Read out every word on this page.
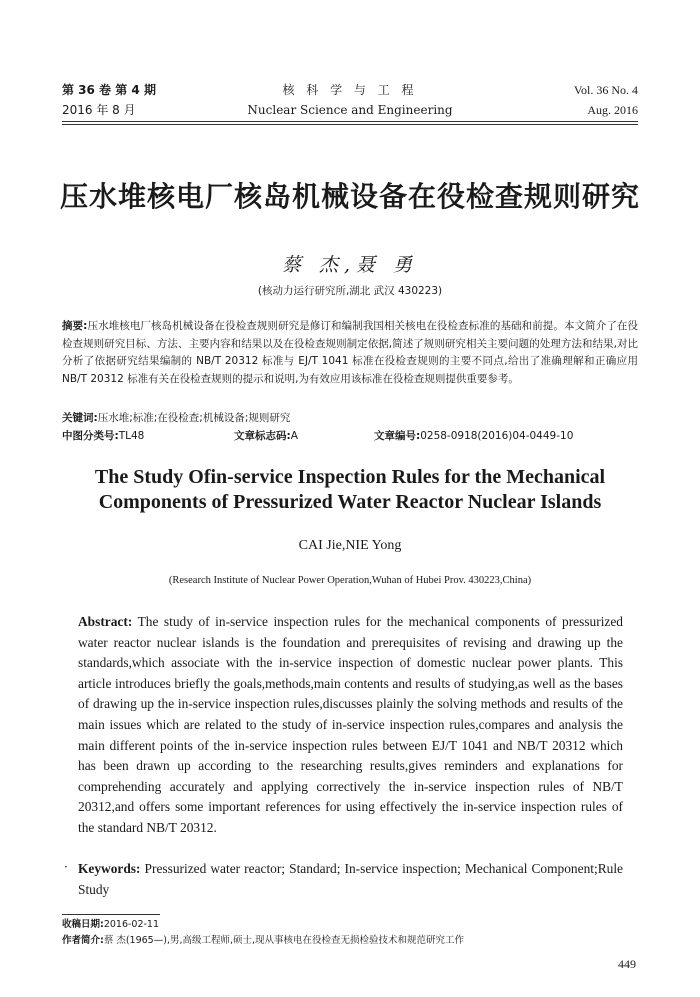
第 36 卷 第 4 期
2016 年 8 月
核 科 学 与 工 程
Nuclear Science and Engineering
Vol. 36 No. 4
Aug. 2016
压水堆核电厂核岛机械设备在役检查规则研究
蔡 杰,聂 勇
(核动力运行研究所,湖北 武汉 430223)
摘要:压水堆核电厂核岛机械设备在役检查规则研究是修订和编制我国相关核电在役检查标准的基础和前提。本文简介了在役检查规则研究目标、方法、主要内容和结果以及在役检查规则制定依据,简述了规则研究相关主要问题的处理方法和结果,对比分析了依据研究结果编制的 NB/T 20312 标准与 EJ/T 1041 标准在役检查规则的主要不同点,给出了准确理解和正确应用 NB/T 20312 标准有关在役检查规则的提示和说明,为有效应用该标准在役检查规则提供重要参考。
关键词:压水堆;标准;在役检查;机械设备;规则研究
中图分类号: TL48	文章标志码: A	文章编号: 0258-0918(2016)04-0449-10
The Study Ofin-service Inspection Rules for the Mechanical
Components of Pressurized Water Reactor Nuclear Islands
CAI Jie,NIE Yong
(Research Institute of Nuclear Power Operation,Wuhan of Hubei Prov. 430223,China)
Abstract: The study of in-service inspection rules for the mechanical components of pressurized water reactor nuclear islands is the foundation and prerequisites of revising and drawing up the standards,which associate with the in-service inspection of domestic nuclear power plants. This article introduces briefly the goals,methods,main contents and results of studying,as well as the bases of drawing up the in-service inspection rules,discusses plainly the solving methods and results of the main issues which are related to the study of in-service inspection rules,compares and analysis the main different points of the in-service inspection rules between EJ/T 1041 and NB/T 20312 which has been drawn up according to the researching results,gives reminders and explanations for comprehending accurately and applying correctively the in-service inspection rules of NB/T 20312,and offers some important references for using effectively the in-service inspection rules of the standard NB/T 20312.
· Keywords: Pressurized water reactor; Standard; In-service inspection; Mechanical Component;Rule Study
收稿日期:2016-02-11
作者简介:蔡 杰(1965—),男,高级工程师,硕士,现从事核电在役检查无损检验技术和规范研究工作
449
